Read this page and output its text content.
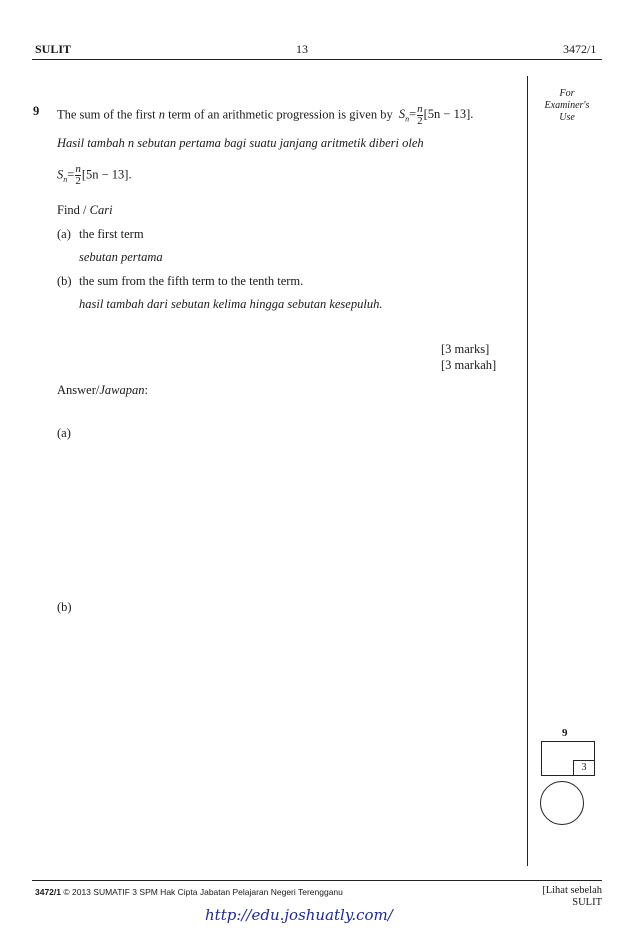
SULIT	13	3472/1
For
Examiner's
Use
9 The sum of the first n term of an arithmetic progression is given by $S_n= \frac{n}{2} [5n - 13]$.
Hasil tambah n sebutan pertama bagi suatu janjang aritmetik diberi oleh
$S_n= \frac{n}{2} [5n - 13]$.
Find / Cari
(a) the first term
sebutan pertama
(b) the sum from the fifth term to the tenth term.
hasil tambah dari sebutan kelima hingga sebutan kesepuluh.
[3 marks]
[3 markah]
Answer/Jawapan:
(a)
(b)
9
3
3472/1 © 2013 SUMATIF 3 SPM Hak Cipta Jabatan Pelajaran Negeri Terengganu	[Lihat sebelah
SULIT
http://edu.joshuatly.com/
